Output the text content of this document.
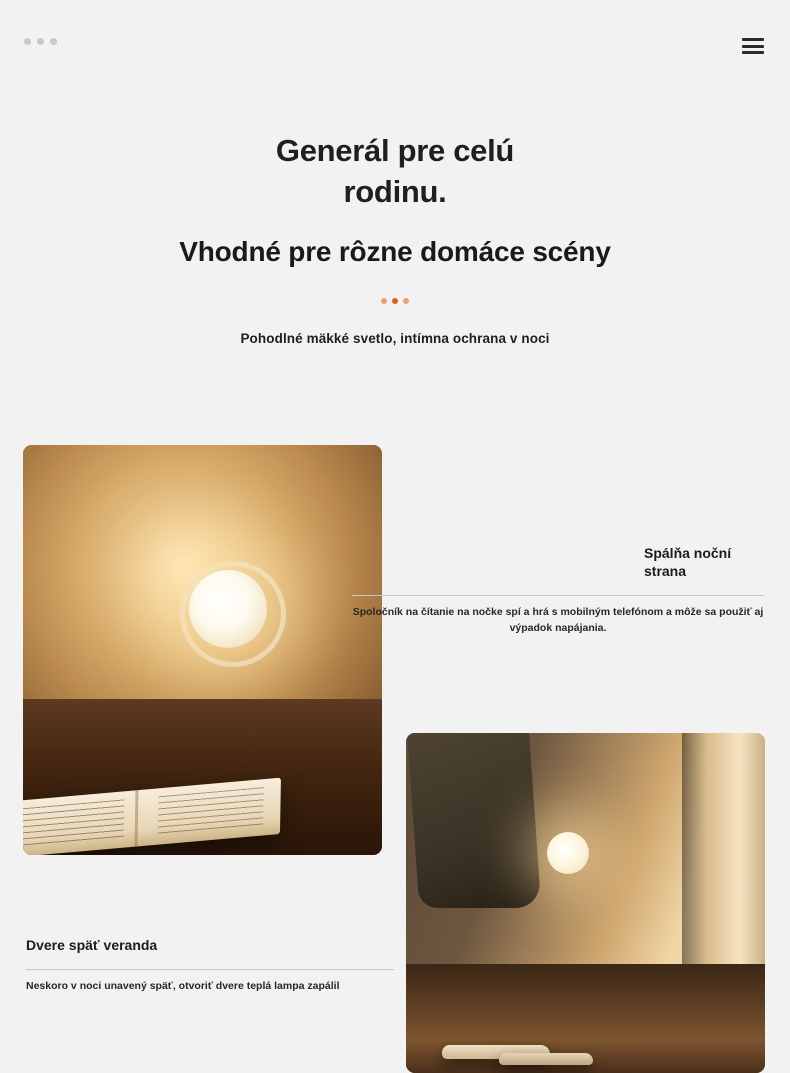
Generál pre celú rodinu.
Vhodné pre rôzne domáce scény
Pohodlné mäkké svetlo, intímna ochrana v noci
Spálňa noční strana
Spoločník na čítanie na nočke spí a hrá s mobilným telefónom a môže sa použiť aj výpadok napájania.
Dvere späť veranda
Neskoro v noci unavený späť, otvoriť dvere teplá lampa zapálil
